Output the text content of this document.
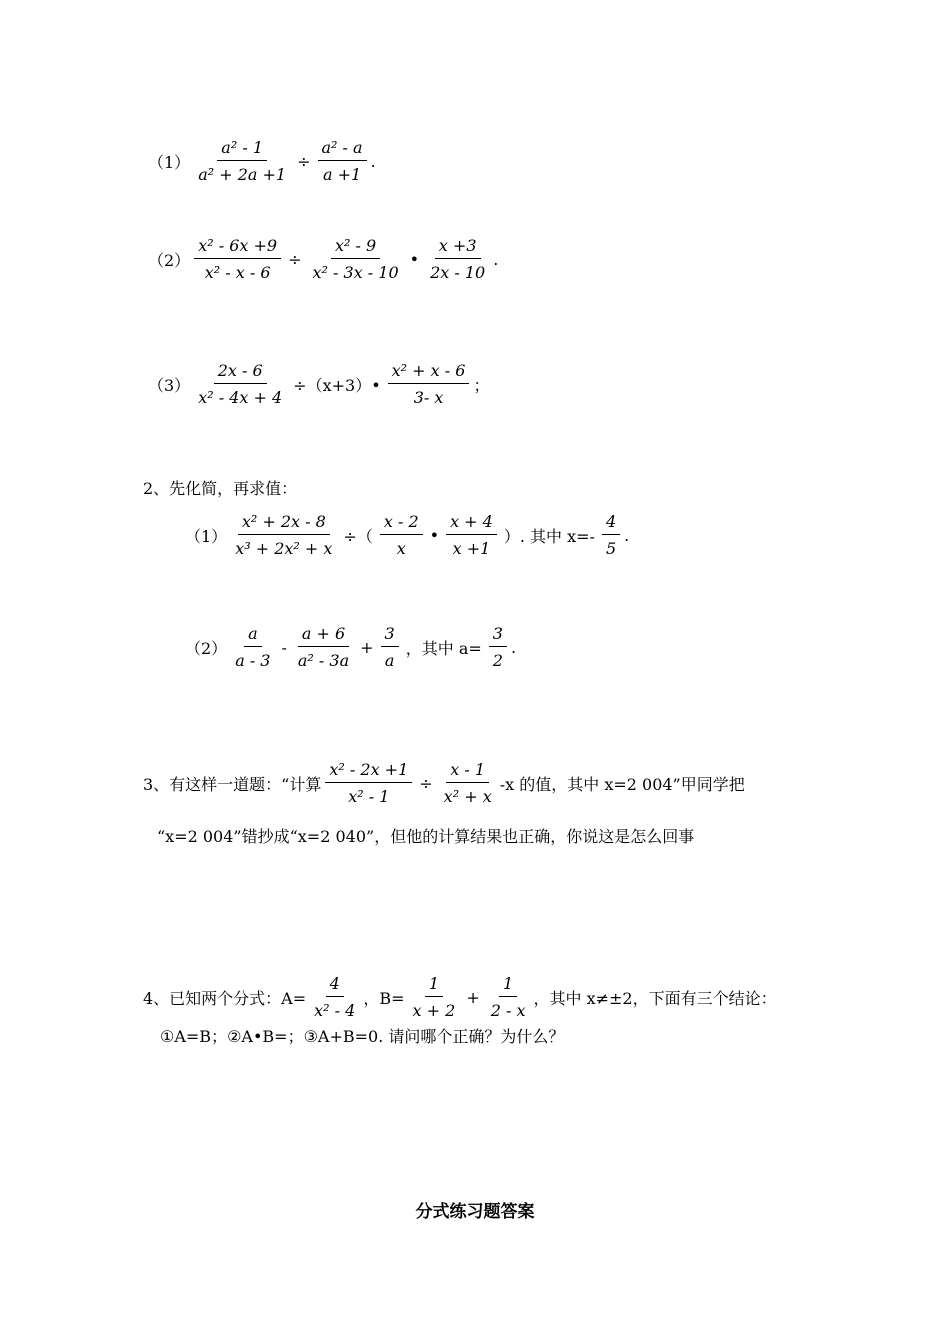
$(1) \frac{\text{a² - 1}}{\text{a² + 2a +1}} \div \frac{\text{a² - a}}{a +1}$ .
$(2) \frac{\text{x² - 6x +9}}{\text{x² - x - 6}} \div \frac{\text{x² - 9}}{\text{x² - 3x - 10}}$ • $\frac{x +3}{2x - 10}$ .
$(3) \frac{2x - 6}{\text{x² - 4x + 4}}$ ÷（x+3）• $\frac{\text{x² + x - 6}}{3- x}$ ；
2、先化简，再求值：
$(1) \frac{\text{x² + 2x - 8}}{\text{x³ + 2x² + x}}$ ÷（ $\frac{x - 2}{x}$ • $\frac{x + 4}{x +1}$ ）. 其中 $x=- \frac{4}{5}$ .
$(2) \frac{a}{a - 3} - \frac{a + 6}{\text{a² - 3a}} + \frac{3}{a}$ ，其中 $a= \frac{3}{2}$ .
3、有这样一道题：“计算 $\frac{\text{x² - 2x +1}}{\text{x² - 1}} \div \frac{x - 1}{\text{x² + x}} -x$ 的值，其中 x=2 004”甲同学把
“x=2 004”错抄成“x=2 040”，但他的计算结果也正确，你说这是怎么回事
4、已知两个分式：$A= \frac{4}{\text{x² - 4}}$ ，$B= \frac{1}{x + 2} + \frac{1}{2 - x}$ ，其中 x≠±2，下面有三个结论：
①A=B；②A•B=；③A+B=0. 请问哪个正确？为什么？
分式练习题答案
